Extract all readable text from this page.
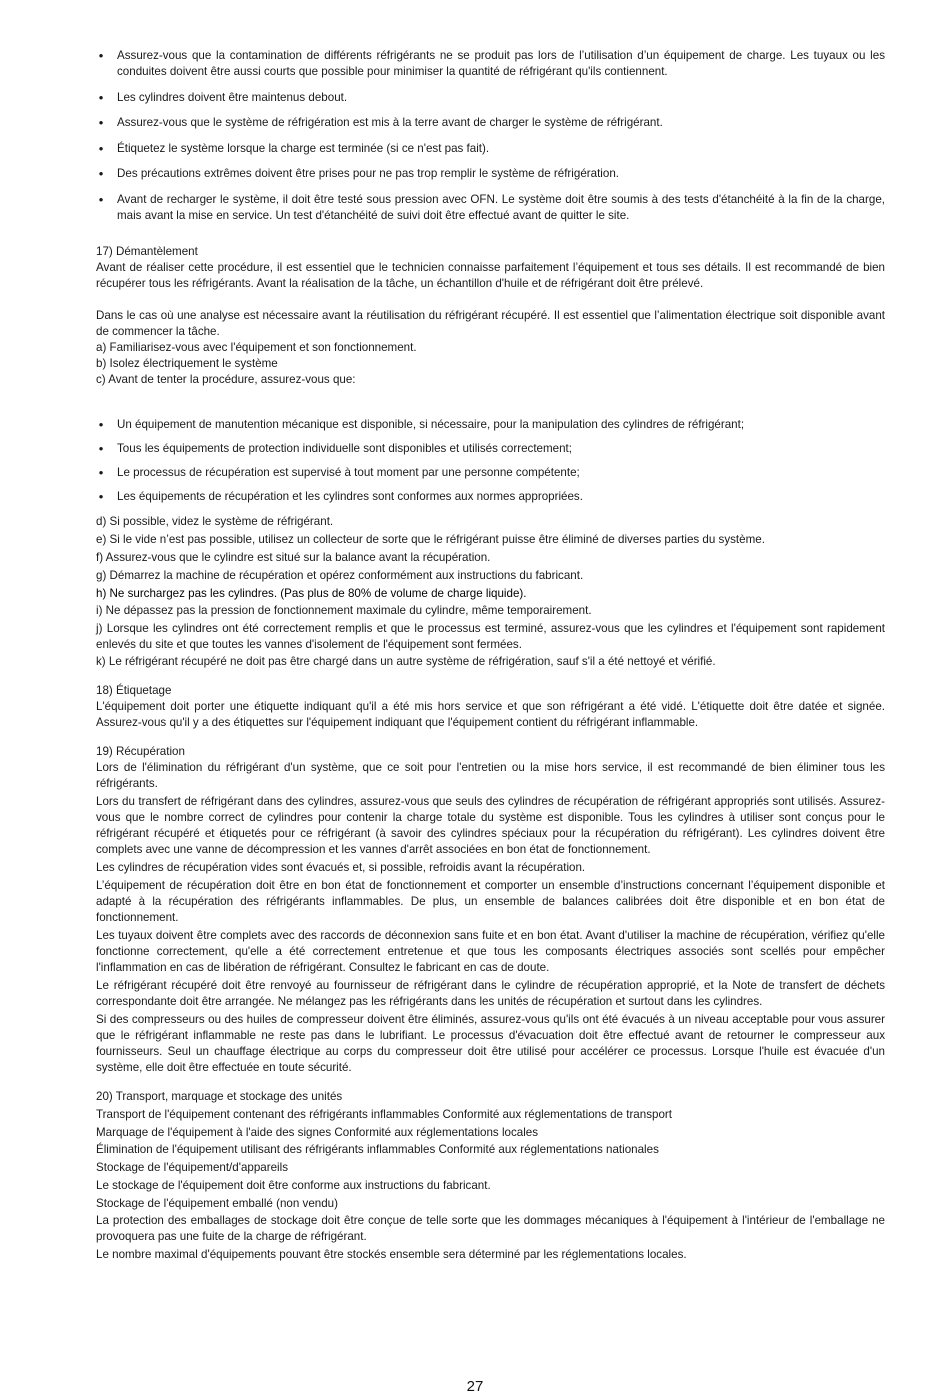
• Assurez-vous que la contamination de différents réfrigérants ne se produit pas lors de l’utilisation d’un équipement de charge. Les tuyaux ou les conduites doivent être aussi courts que possible pour minimiser la quantité de réfrigérant qu'ils contiennent.
• Les cylindres doivent être maintenus debout.
• Assurez-vous que le système de réfrigération est mis à la terre avant de charger le système de réfrigérant.
• Étiquetez le système lorsque la charge est terminée (si ce n'est pas fait).
• Des précautions extrêmes doivent être prises pour ne pas trop remplir le système de réfrigération.
• Avant de recharger le système, il doit être testé sous pression avec OFN. Le système doit être soumis à des tests d'étanchéité à la fin de la charge, mais avant la mise en service. Un test d'étanchéité de suivi doit être effectué avant de quitter le site.

17) Démantèlement

Avant de réaliser cette procédure, il est essentiel que le technicien connaisse parfaitement l’équipement et tous ses détails. Il est recommandé de bien récupérer tous les réfrigérants. Avant la réalisation de la tâche, un échantillon d'huile et de réfrigérant doit être prélevé.

Dans le cas où une analyse est nécessaire avant la réutilisation du réfrigérant récupéré. Il est essentiel que l’alimentation électrique soit disponible avant de commencer la tâche.

a) Familiarisez-vous avec l'équipement et son fonctionnement.

b) Isolez électriquement le système

c) Avant de tenter la procédure, assurez-vous que:

• Un équipement de manutention mécanique est disponible, si nécessaire, pour la manipulation des cylindres de réfrigérant;
• Tous les équipements de protection individuelle sont disponibles et utilisés correctement;
• Le processus de récupération est supervisé à tout moment par une personne compétente;
• Les équipements de récupération et les cylindres sont conformes aux normes appropriées.

d) Si possible, videz le système de réfrigérant.

e) Si le vide n’est pas possible, utilisez un collecteur de sorte que le réfrigérant puisse être éliminé de diverses parties du système.

f) Assurez-vous que le cylindre est situé sur la balance avant la récupération.

g) Démarrez la machine de récupération et opérez conformément aux instructions du fabricant.

h) Ne surchargez pas les cylindres. (Pas plus de 80% de volume de charge liquide).

i) Ne dépassez pas la pression de fonctionnement maximale du cylindre, même temporairement.

j) Lorsque les cylindres ont été correctement remplis et que le processus est terminé, assurez-vous que les cylindres et l'équipement sont rapidement enlevés du site et que toutes les vannes d'isolement de l'équipement sont fermées.

k) Le réfrigérant récupéré ne doit pas être chargé dans un autre système de réfrigération, sauf s'il a été nettoyé et vérifié.

18) Étiquetage

L'équipement doit porter une étiquette indiquant qu'il a été mis hors service et que son réfrigérant a été vidé. L'étiquette doit être datée et signée. Assurez-vous qu'il y a des étiquettes sur l'équipement indiquant que l'équipement contient du réfrigérant inflammable.

19) Récupération

Lors de l'élimination du réfrigérant d'un système, que ce soit pour l'entretien ou la mise hors service, il est recommandé de bien éliminer tous les réfrigérants.

Lors du transfert de réfrigérant dans des cylindres, assurez-vous que seuls des cylindres de récupération de réfrigérant appropriés sont utilisés. Assurez-vous que le nombre correct de cylindres pour contenir la charge totale du système est disponible. Tous les cylindres à utiliser sont conçus pour le réfrigérant récupéré et étiquetés pour ce réfrigérant (à savoir des cylindres spéciaux pour la récupération du réfrigérant). Les cylindres doivent être complets avec une vanne de décompression et les vannes d'arrêt associées en bon état de fonctionnement.

Les cylindres de récupération vides sont évacués et, si possible, refroidis avant la récupération.

L’équipement de récupération doit être en bon état de fonctionnement et comporter un ensemble d’instructions concernant l’équipement disponible et adapté à la récupération des réfrigérants inflammables. De plus, un ensemble de balances calibrées doit être disponible et en bon état de fonctionnement.

Les tuyaux doivent être complets avec des raccords de déconnexion sans fuite et en bon état. Avant d'utiliser la machine de récupération, vérifiez qu'elle fonctionne correctement, qu'elle a été correctement entretenue et que tous les composants électriques associés sont scellés pour empêcher l'inflammation en cas de libération de réfrigérant. Consultez le fabricant en cas de doute.

Le réfrigérant récupéré doit être renvoyé au fournisseur de réfrigérant dans le cylindre de récupération approprié, et la Note de transfert de déchets correspondante doit être arrangée. Ne mélangez pas les réfrigérants dans les unités de récupération et surtout dans les cylindres.

Si des compresseurs ou des huiles de compresseur doivent être éliminés, assurez-vous qu'ils ont été évacués à un niveau acceptable pour vous assurer que le réfrigérant inflammable ne reste pas dans le lubrifiant. Le processus d'évacuation doit être effectué avant de retourner le compresseur aux fournisseurs. Seul un chauffage électrique au corps du compresseur doit être utilisé pour accélérer ce processus. Lorsque l'huile est évacuée d'un système, elle doit être effectuée en toute sécurité.

20) Transport, marquage et stockage des unités

Transport de l'équipement contenant des réfrigérants inflammables Conformité aux réglementations de transport

Marquage de l'équipement à l'aide des signes Conformité aux réglementations locales

Élimination de l'équipement utilisant des réfrigérants inflammables Conformité aux réglementations nationales

Stockage de l'équipement/d'appareils

Le stockage de l'équipement doit être conforme aux instructions du fabricant.

Stockage de l'équipement emballé (non vendu)

La protection des emballages de stockage doit être conçue de telle sorte que les dommages mécaniques à l'équipement à l'intérieur de l'emballage ne provoquera pas une fuite de la charge de réfrigérant.

Le nombre maximal d'équipements pouvant être stockés ensemble sera déterminé par les réglementations locales.

27
